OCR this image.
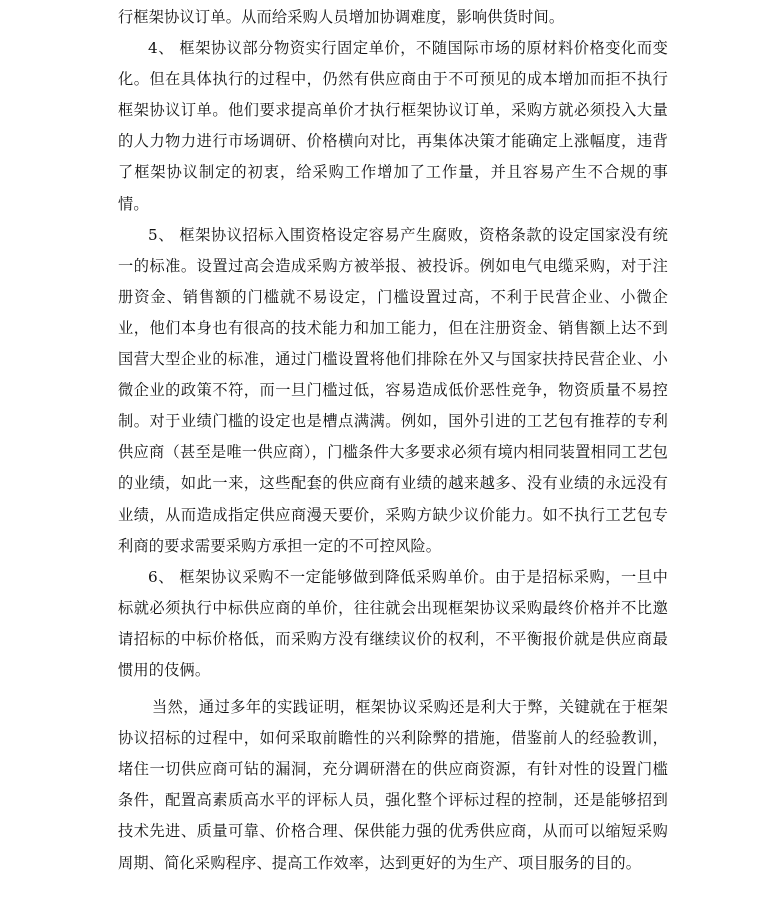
行框架协议订单。从而给采购人员增加协调难度，影响供货时间。

4、 框架协议部分物资实行固定单价，不随国际市场的原材料价格变化而变化。但在具体执行的过程中，仍然有供应商由于不可预见的成本增加而拒不执行框架协议订单。他们要求提高单价才执行框架协议订单，采购方就必须投入大量的人力物力进行市场调研、价格横向对比，再集体决策才能确定上涨幅度，违背了框架协议制定的初衷，给采购工作增加了工作量，并且容易产生不合规的事情。

5、 框架协议招标入围资格设定容易产生腐败，资格条款的设定国家没有统一的标准。设置过高会造成采购方被举报、被投诉。例如电气电缆采购，对于注册资金、销售额的门槛就不易设定，门槛设置过高，不利于民营企业、小微企业，他们本身也有很高的技术能力和加工能力，但在注册资金、销售额上达不到国营大型企业的标准，通过门槛设置将他们排除在外又与国家扶持民营企业、小微企业的政策不符，而一旦门槛过低，容易造成低价恶性竞争，物资质量不易控制。对于业绩门槛的设定也是槽点满满。例如，国外引进的工艺包有推荐的专利供应商（甚至是唯一供应商），门槛条件大多要求必须有境内相同装置相同工艺包的业绩，如此一来，这些配套的供应商有业绩的越来越多、没有业绩的永远没有业绩，从而造成指定供应商漫天要价，采购方缺少议价能力。如不执行工艺包专利商的要求需要采购方承担一定的不可控风险。

6、 框架协议采购不一定能够做到降低采购单价。由于是招标采购，一旦中标就必须执行中标供应商的单价，往往就会出现框架协议采购最终价格并不比邀请招标的中标价格低，而采购方没有继续议价的权利，不平衡报价就是供应商最惯用的伎俩。

当然，通过多年的实践证明，框架协议采购还是利大于弊，关键就在于框架协议招标的过程中，如何采取前瞻性的兴利除弊的措施，借鉴前人的经验教训，堵住一切供应商可钻的漏洞，充分调研潜在的供应商资源，有针对性的设置门槛条件，配置高素质高水平的评标人员，强化整个评标过程的控制，还是能够招到技术先进、质量可靠、价格合理、保供能力强的优秀供应商，从而可以缩短采购周期、简化采购程序、提高工作效率，达到更好的为生产、项目服务的目的。
